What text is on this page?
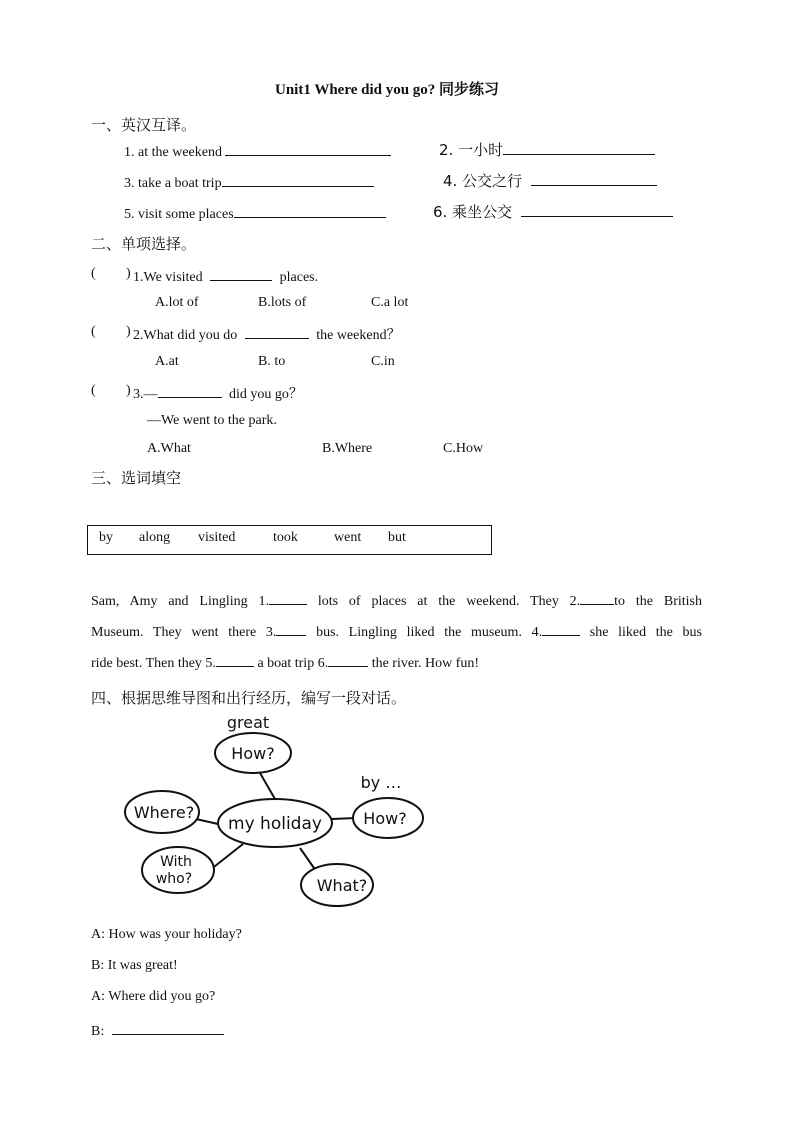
Unit1 Where did you go? 同步练习
一、英汉互译。
1. at the weekend	2. 一小时
3. take a boat trip	4. 公交之行
5. visit some places	6. 乘坐公交
二、单项选择。
( ) 1.We visited	places.
A.lot of	B.lots of	C.a lot
( ) 2.What did you do	the weekend？
A.at	B. to	C.in
( ) 3.—	did you go？
—We went to the park.
A.What	B.Where	C.How
三、选词填空
by along visited	took	went but
Sam, Amy and Lingling 1.	lots of places at the weekend. They 2. to the British
Museum. They went there 3.	bus. Lingling liked the museum. 4.	she liked the bus
ride best. Then they 5.	a boat trip 6.	the river. How fun!
四、根据思维导图和出行经历，编写一段对话。
my holiday
How?
great
Where?	How?
by …
With
who?	What?
A: How was your holiday?
B: It was great!
A: Where did you go?
B:
